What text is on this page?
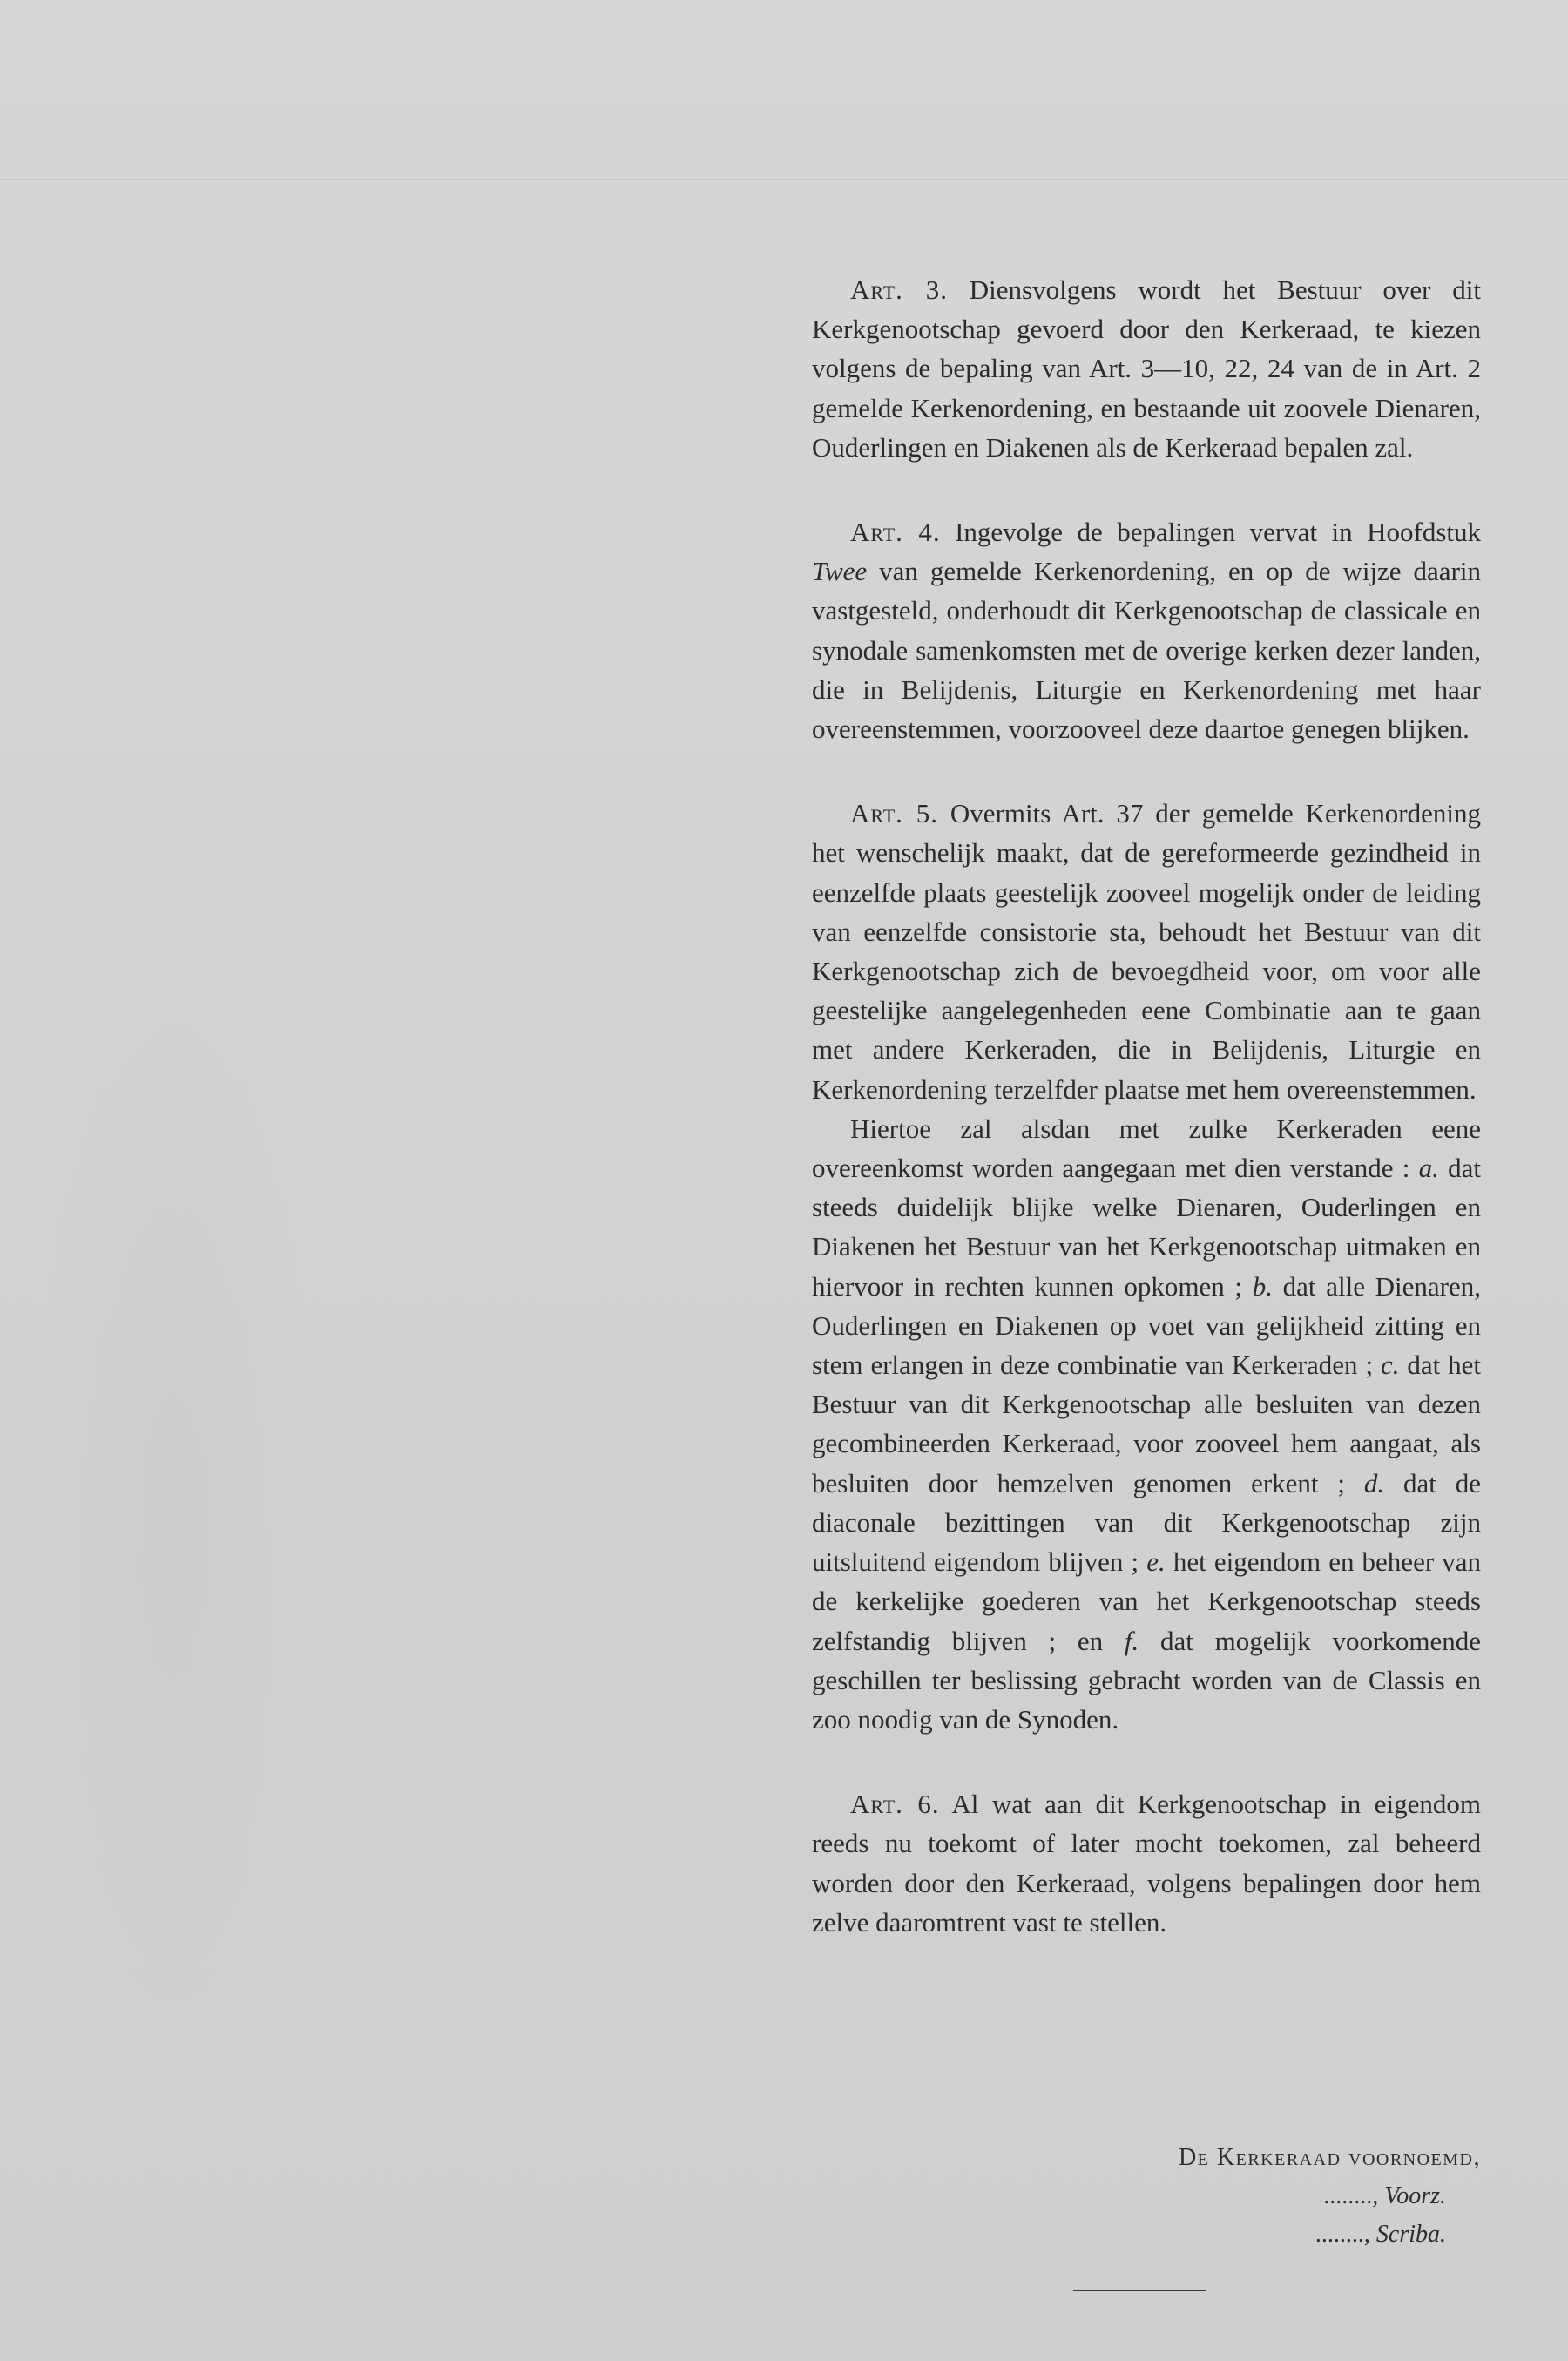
Art. 3. Diensvolgens wordt het Bestuur over dit Kerkgenootschap gevoerd door den Kerkeraad, te kiezen volgens de bepaling van Art. 3—10, 22, 24 van de in Art. 2 gemelde Kerkenordening, en bestaande uit zoovele Dienaren, Ouderlingen en Diakenen als de Kerkeraad bepalen zal.

Art. 4. Ingevolge de bepalingen vervat in Hoofdstuk Twee van gemelde Kerkenordening, en op de wijze daarin vastgesteld, onderhoudt dit Kerkgenootschap de classicale en synodale samenkomsten met de overige kerken dezer landen, die in Belijdenis, Liturgie en Kerkenordening met haar overeenstemmen, voorzooveel deze daartoe genegen blijken.

Art. 5. Overmits Art. 37 der gemelde Kerkenordening het wenschelijk maakt, dat de gereformeerde gezindheid in eenzelfde plaats geestelijk zooveel mogelijk onder de leiding van eenzelfde consistorie sta, behoudt het Bestuur van dit Kerkgenootschap zich de bevoegdheid voor, om voor alle geestelijke aangelegenheden eene Combinatie aan te gaan met andere Kerkeraden, die in Belijdenis, Liturgie en Kerkenordening terzelfder plaatse met hem overeenstemmen.

Hiertoe zal alsdan met zulke Kerkeraden eene overeenkomst worden aangegaan met dien verstande : a. dat steeds duidelijk blijke welke Dienaren, Ouderlingen en Diakenen het Bestuur van het Kerkgenootschap uitmaken en hiervoor in rechten kunnen opkomen ; b. dat alle Dienaren, Ouderlingen en Diakenen op voet van gelijkheid zitting en stem erlangen in deze combinatie van Kerkeraden ; c. dat het Bestuur van dit Kerkgenootschap alle besluiten van dezen gecombineerden Kerkeraad, voor zooveel hem aangaat, als besluiten door hemzelven genomen erkent ; d. dat de diaconale bezittingen van dit Kerkgenootschap zijn uitsluitend eigendom blijven ; e. het eigendom en beheer van de kerkelijke goederen van het Kerkgenootschap steeds zelfstandig blijven ; en f. dat mogelijk voorkomende geschillen ter beslissing gebracht worden van de Classis en zoo noodig van de Synoden.

Art. 6. Al wat aan dit Kerkgenootschap in eigendom reeds nu toekomt of later mocht toekomen, zal beheerd worden door den Kerkeraad, volgens bepalingen door hem zelve daaromtrent vast te stellen.

De Kerkeraad voornoemd,
........, Voorz.
........, Scriba.
